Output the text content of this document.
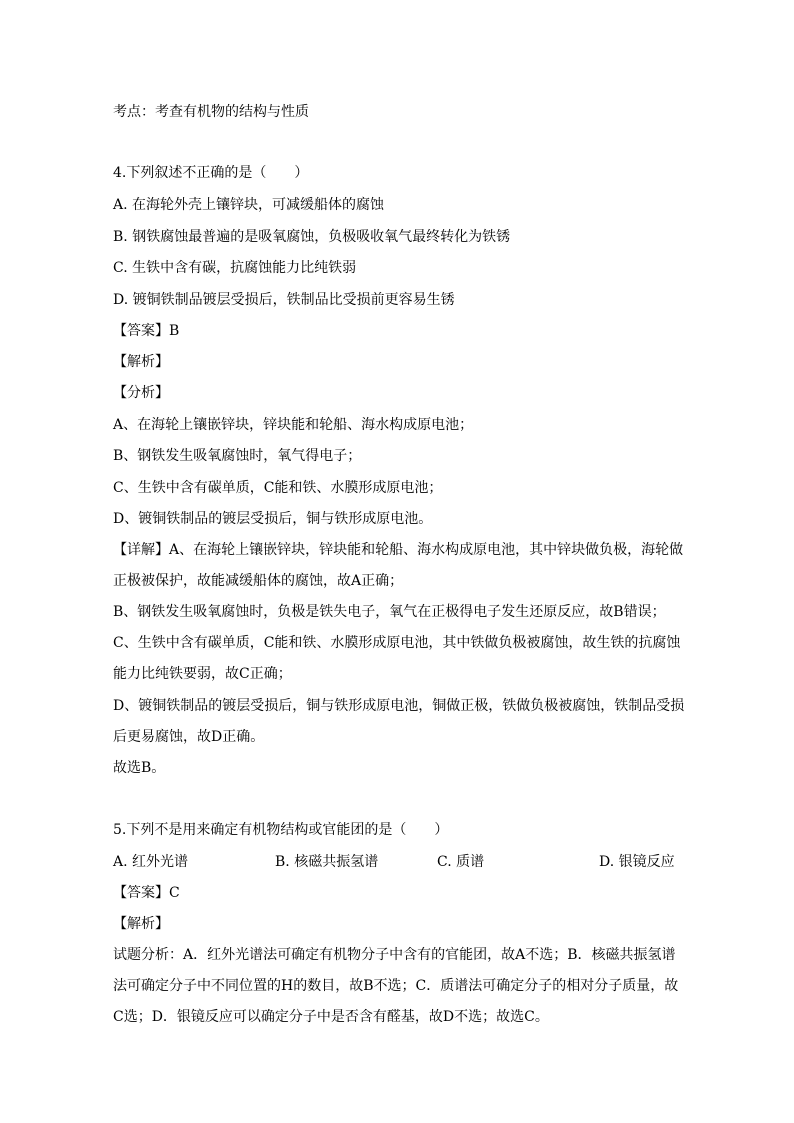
考点：考查有机物的结构与性质
4.下列叙述不正确的是（　　）
A. 在海轮外壳上镶锌块，可减缓船体的腐蚀
B. 钢铁腐蚀最普遍的是吸氧腐蚀，负极吸收氧气最终转化为铁锈
C. 生铁中含有碳，抗腐蚀能力比纯铁弱
D. 镀铜铁制品镀层受损后，铁制品比受损前更容易生锈
【答案】B
【解析】
【分析】
A、在海轮上镶嵌锌块，锌块能和轮船、海水构成原电池；
B、钢铁发生吸氧腐蚀时，氧气得电子；
C、生铁中含有碳单质，C能和铁、水膜形成原电池；
D、镀铜铁制品的镀层受损后，铜与铁形成原电池。
【详解】A、在海轮上镶嵌锌块，锌块能和轮船、海水构成原电池，其中锌块做负极，海轮做
正极被保护，故能减缓船体的腐蚀，故A正确；
B、钢铁发生吸氧腐蚀时，负极是铁失电子，氧气在正极得电子发生还原反应，故B错误；
C、生铁中含有碳单质，C能和铁、水膜形成原电池，其中铁做负极被腐蚀，故生铁的抗腐蚀
能力比纯铁要弱，故C正确；
D、镀铜铁制品的镀层受损后，铜与铁形成原电池，铜做正极，铁做负极被腐蚀，铁制品受损
后更易腐蚀，故D正确。
故选B。
5.下列不是用来确定有机物结构或官能团的是（　　）
A. 红外光谱	B. 核磁共振氢谱	C. 质谱	D. 银镜反应
【答案】C
【解析】
试题分析：A．红外光谱法可确定有机物分子中含有的官能团，故A不选；B．核磁共振氢谱
法可确定分子中不同位置的H的数目，故B不选；C．质谱法可确定分子的相对分子质量，故
C选；D．银镜反应可以确定分子中是否含有醛基，故D不选；故选C。
